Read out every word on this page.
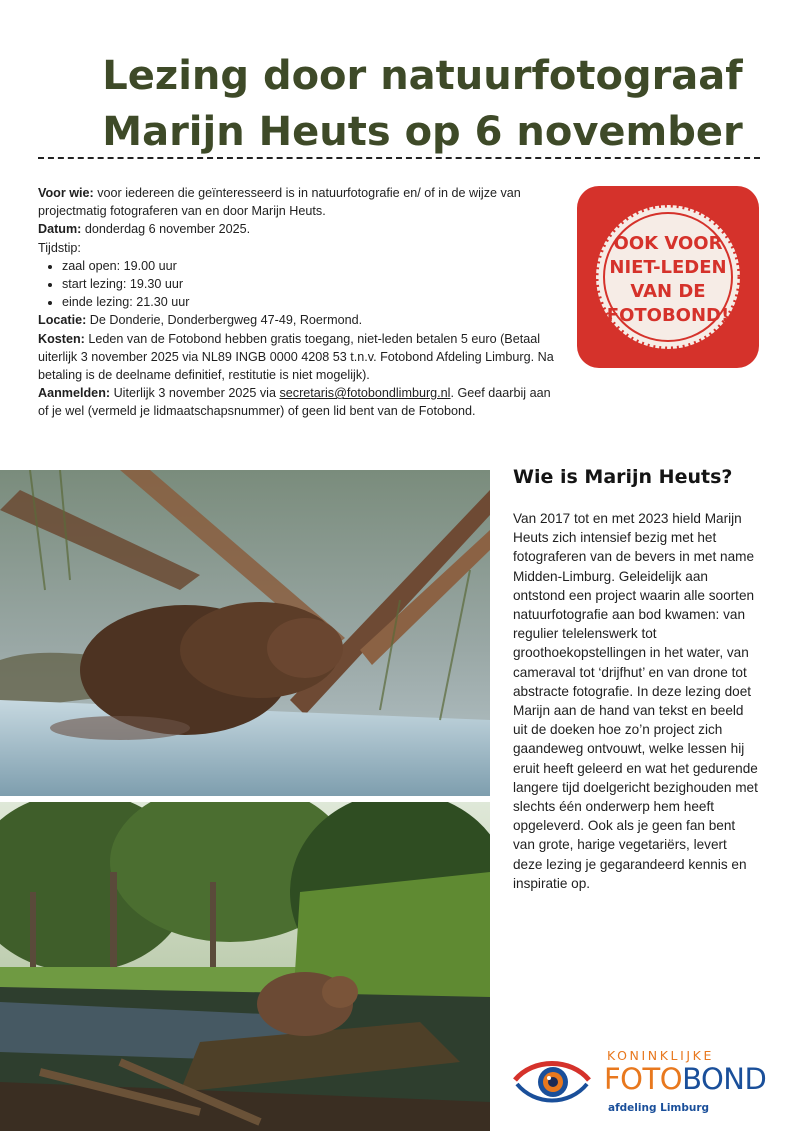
Lezing door natuurfotograaf
Marijn Heuts op 6 november

Voor wie: voor iedereen die geïnteresseerd is in natuurfotografie en/ of in de wijze van projectmatig fotograferen van en door Marijn Heuts.

Datum: donderdag 6 november 2025.

Tijdstip:

• zaal open: 19.00 uur
• start lezing: 19.30 uur
• einde lezing: 21.30 uur

Locatie: De Donderie, Donderbergweg 47-49, Roermond.

Kosten: Leden van de Fotobond hebben gratis toegang, niet-leden betalen 5 euro (Betaal uiterlijk 3 november 2025 via NL89 INGB 0000 4208 53 t.n.v. Fotobond Afdeling Limburg. Na betaling is de deelname definitief, restitutie is niet mogelijk).

Aanmelden: Uiterlijk 3 november 2025 via secretaris@fotobondlimburg.nl. Geef daarbij aan of je wel (vermeld je lidmaatschapsnummer) of geen lid bent van de Fotobond.

OOK VOOR
NIET-LEDEN
VAN DE
FOTOBOND!
Wie is Marijn Heuts?

Van 2017 tot en met 2023 hield Marijn Heuts zich intensief bezig met het fotograferen van de bevers in met name Midden-Limburg. Geleidelijk aan ontstond een project waarin alle soorten natuurfotografie aan bod kwamen: van regulier telelenswerk tot groothoekopstellingen in het water, van cameraval tot ‘drijfhut’ en van drone tot abstracte fotografie. In deze lezing doet Marijn aan de hand van tekst en beeld uit de doeken hoe zo’n project zich gaandeweg ontvouwt, welke lessen hij eruit heeft geleerd en wat het gedurende langere tijd doelgericht bezighouden met slechts één onderwerp hem heeft opgeleverd. Ook als je geen fan bent van grote, harige vegetariërs, levert deze lezing je gegarandeerd kennis en inspiratie op.

KONINKLIJKE
FOTOBOND
afdeling Limburg
